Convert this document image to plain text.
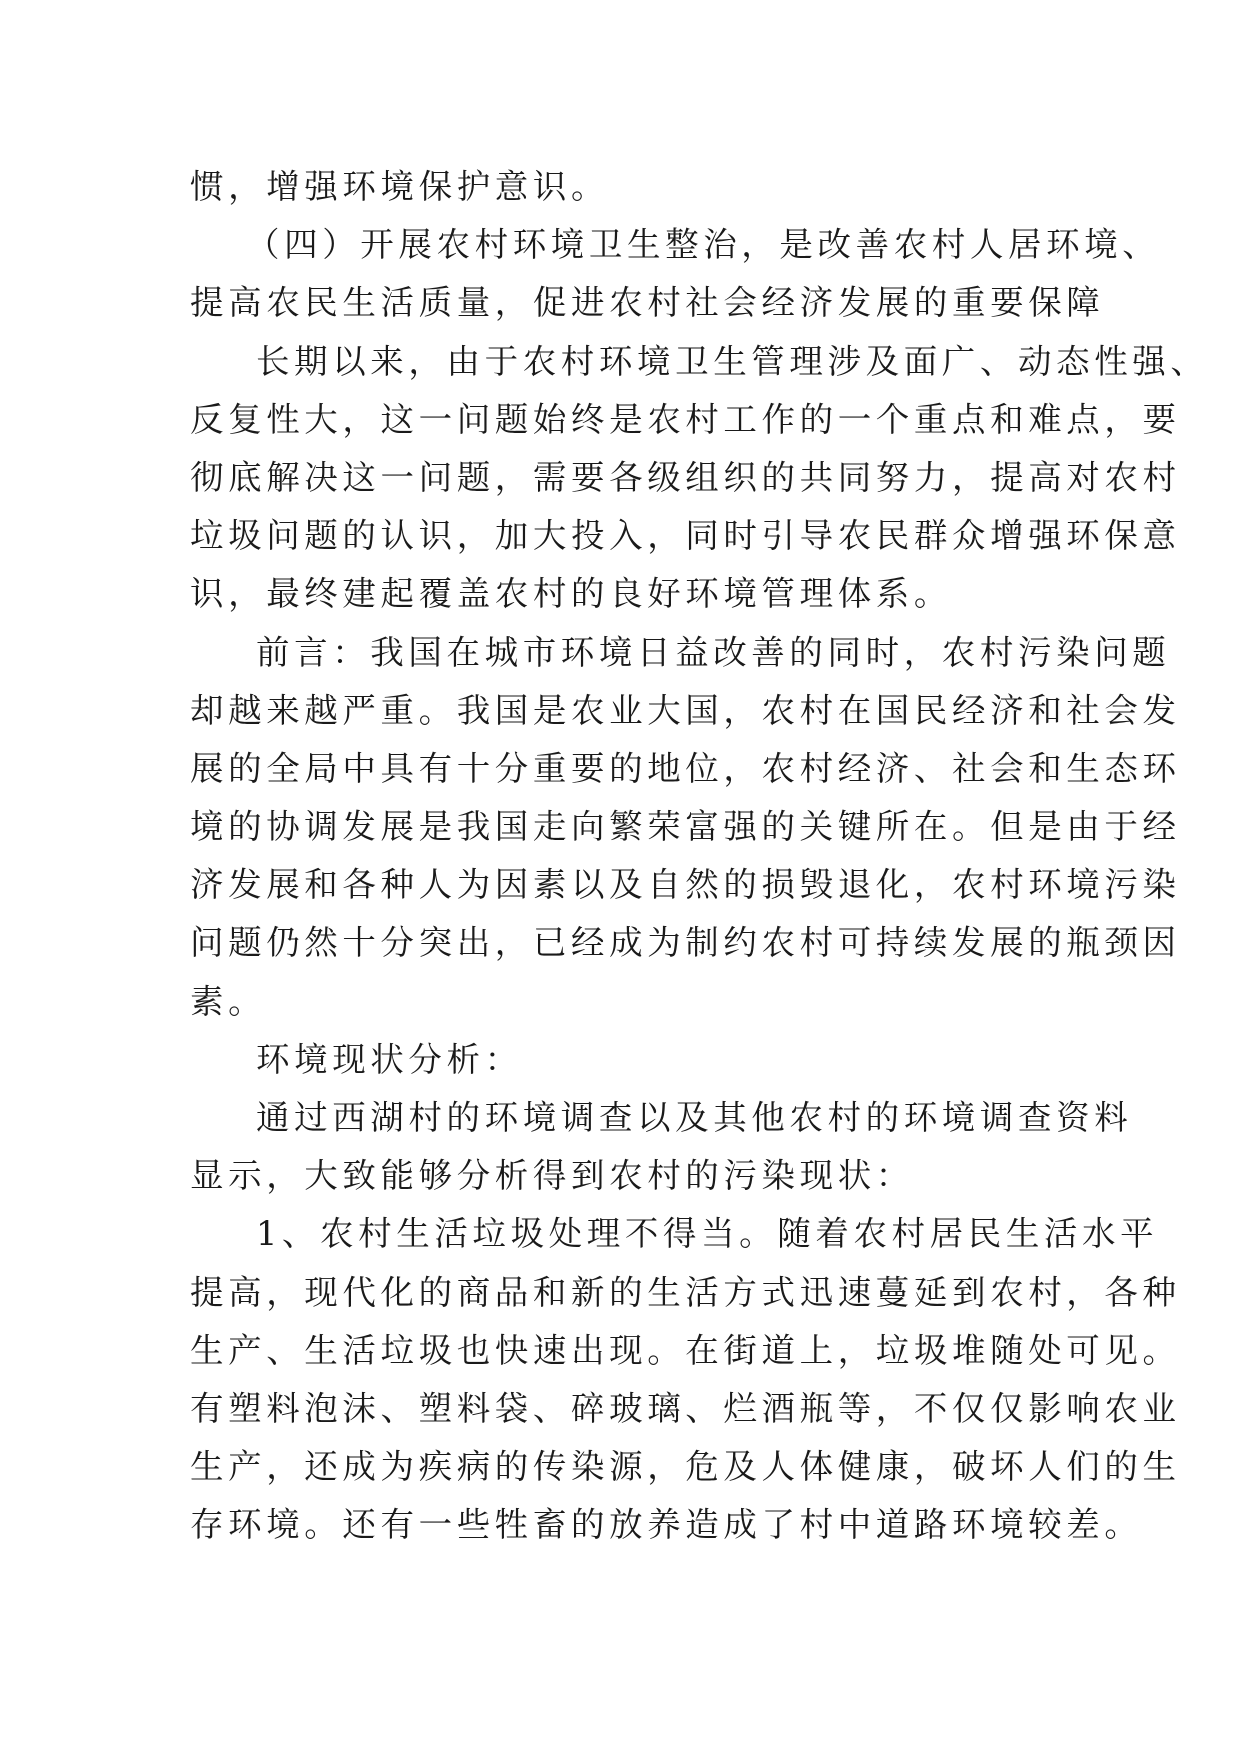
惯，增强环境保护意识。
（四）开展农村环境卫生整治，是改善农村人居环境、
提高农民生活质量，促进农村社会经济发展的重要保障
长期以来，由于农村环境卫生管理涉及面广、动态性强、
反复性大，这一问题始终是农村工作的一个重点和难点，要
彻底解决这一问题，需要各级组织的共同努力，提高对农村
垃圾问题的认识，加大投入，同时引导农民群众增强环保意
识，最终建起覆盖农村的良好环境管理体系。
前言：我国在城市环境日益改善的同时，农村污染问题
却越来越严重。我国是农业大国，农村在国民经济和社会发
展的全局中具有十分重要的地位，农村经济、社会和生态环
境的协调发展是我国走向繁荣富强的关键所在。但是由于经
济发展和各种人为因素以及自然的损毁退化，农村环境污染
问题仍然十分突出，已经成为制约农村可持续发展的瓶颈因
素。
环境现状分析：
通过西湖村的环境调查以及其他农村的环境调查资料
显示，大致能够分析得到农村的污染现状：
1、农村生活垃圾处理不得当。随着农村居民生活水平
提高，现代化的商品和新的生活方式迅速蔓延到农村，各种
生产、生活垃圾也快速出现。在街道上，垃圾堆随处可见。
有塑料泡沫、塑料袋、碎玻璃、烂酒瓶等，不仅仅影响农业
生产，还成为疾病的传染源，危及人体健康，破坏人们的生
存环境。还有一些牲畜的放养造成了村中道路环境较差。
